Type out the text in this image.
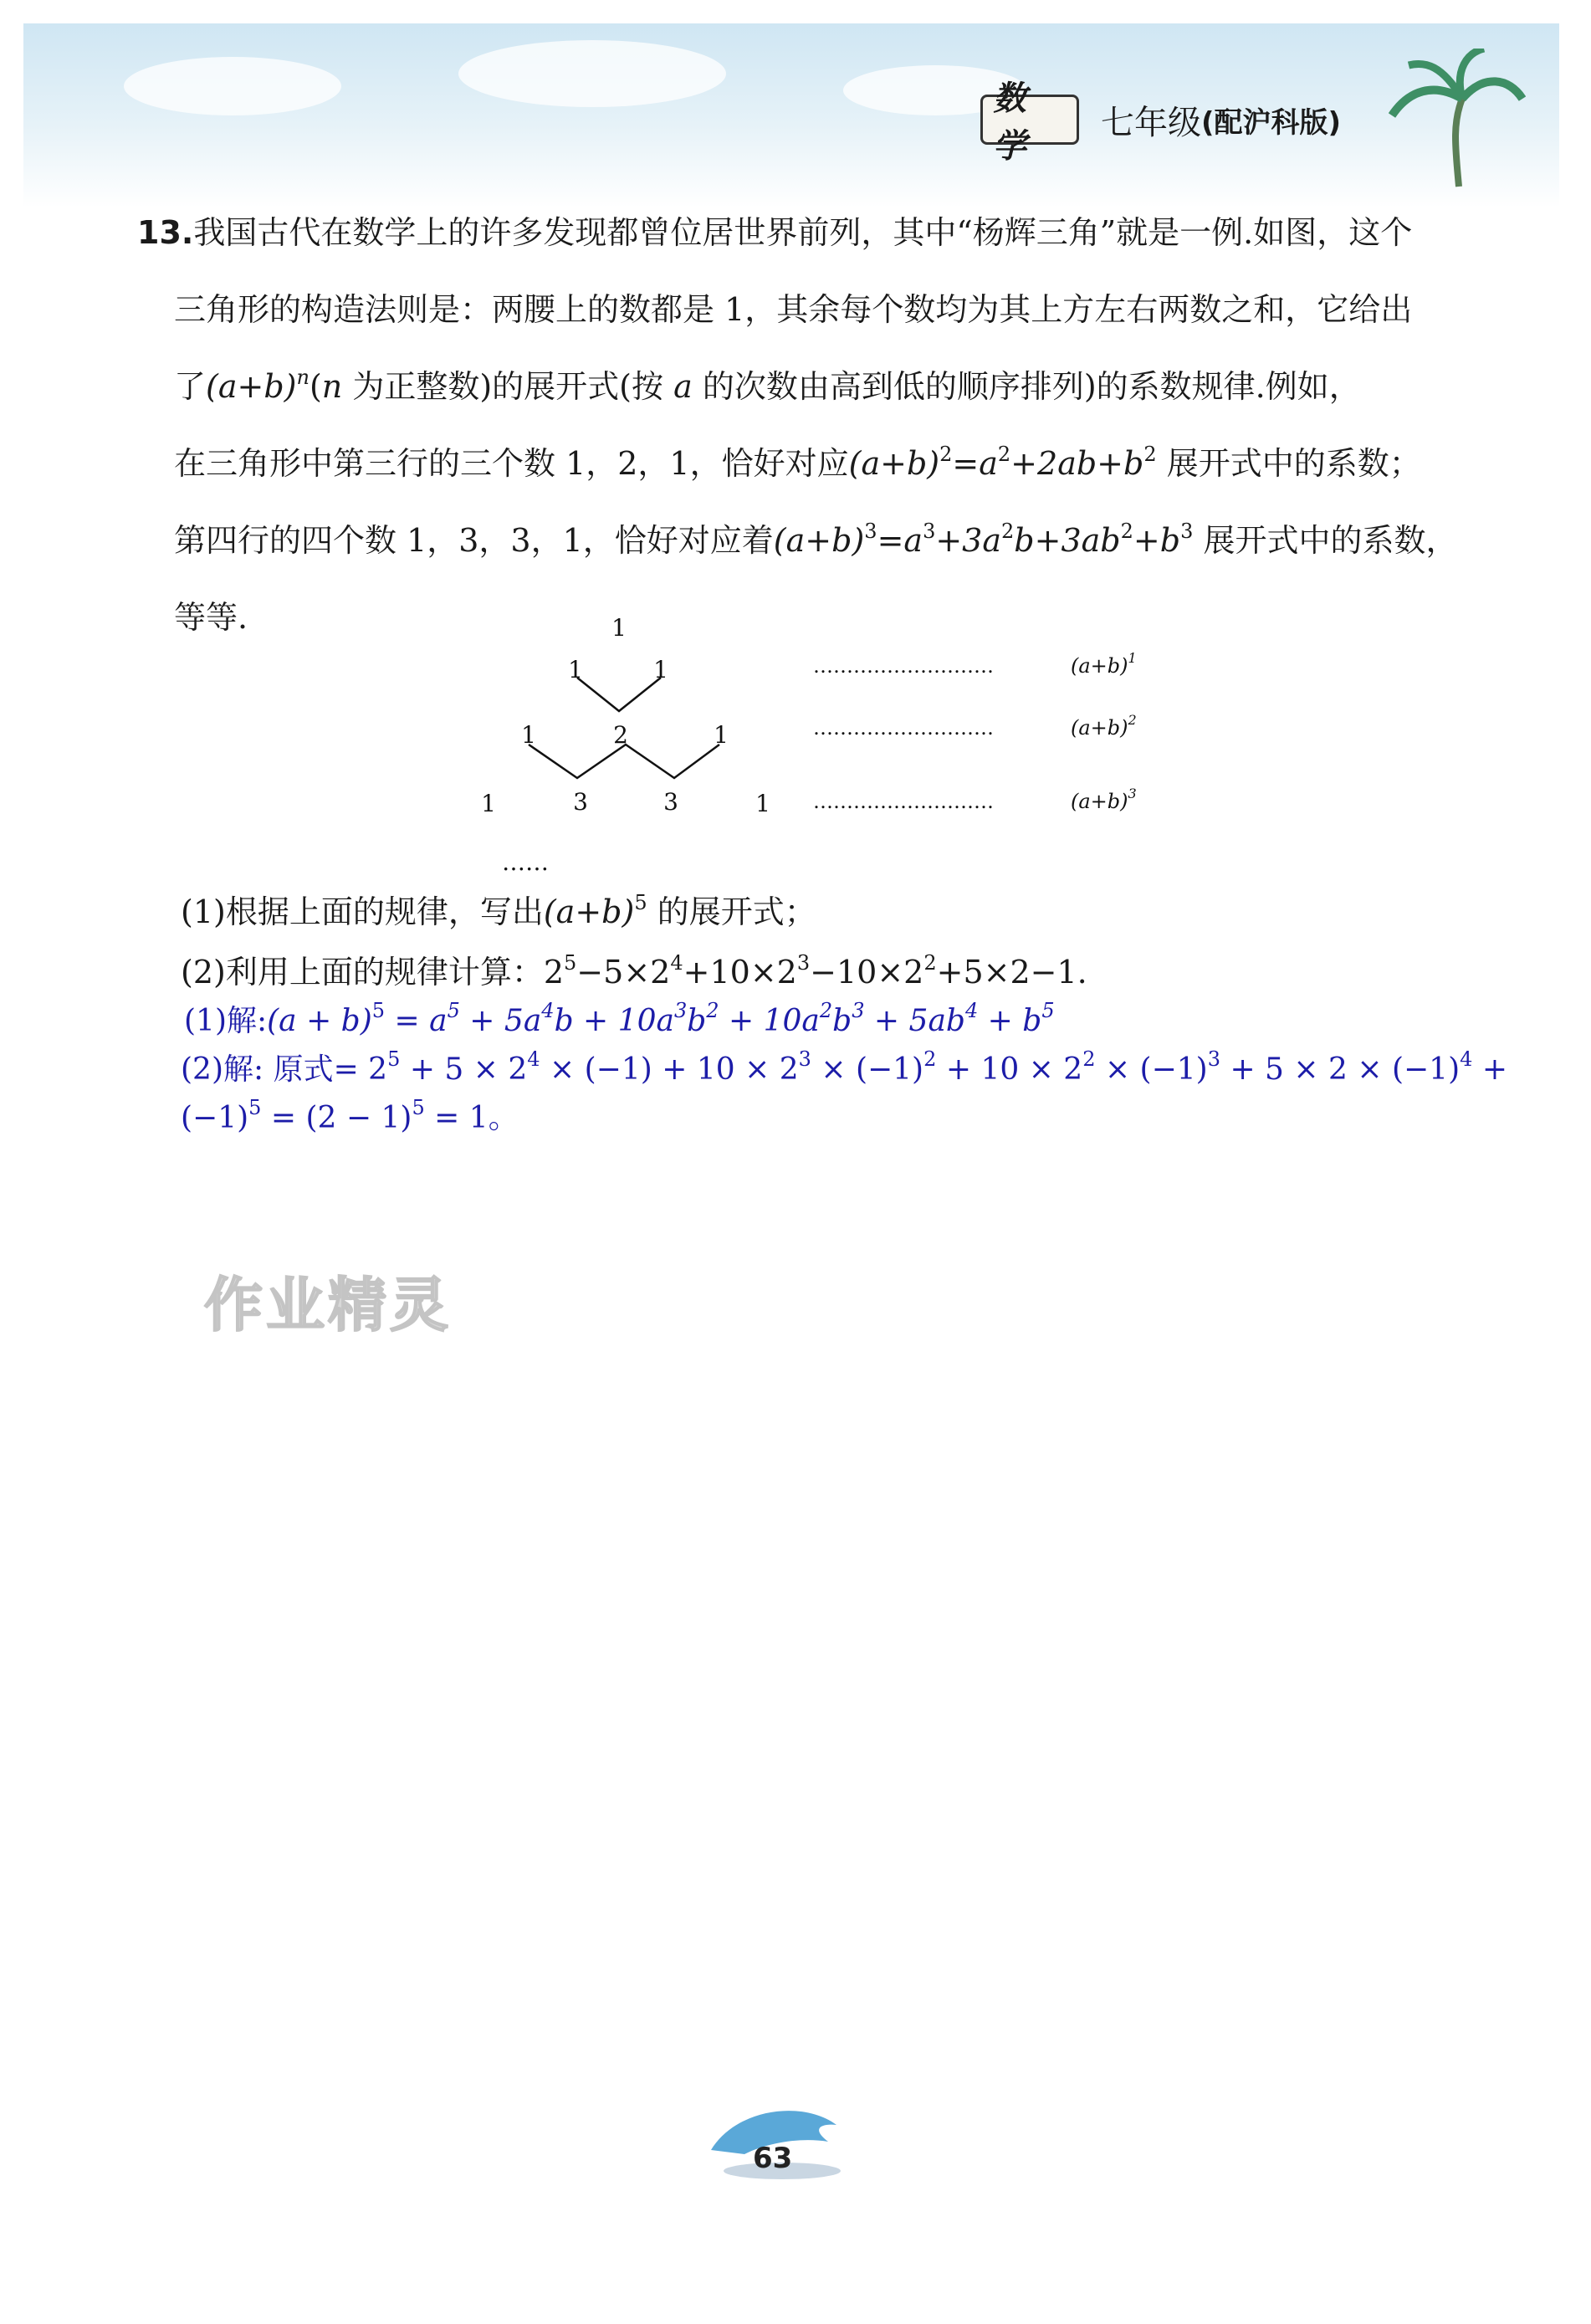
数学
七年级 (配沪科版)
13.我国古代在数学上的许多发现都曾位居世界前列，其中“杨辉三角”就是一例.如图，这个
三角形的构造法则是：两腰上的数都是 1，其余每个数均为其上方左右两数之和，它给出
了$(a+b)^n(n$ 为正整数)的展开式(按 a 的次数由高到低的顺序排列)的系数规律.例如，
在三角形中第三行的三个数 1，2，1，恰好对应$(a+b)^2=a^2+2ab+b^2$ 展开式中的系数；
第四行的四个数 1，3，3，1，恰好对应着$(a+b)^3=a^3+3a^2b+3ab^2+b^3$ 展开式中的系数，
等等.	1
1	1
1	2	1
1	3	3	1
……
………………………	$(a+b)^1$
………………………	$(a+b)^2$
………………………	$(a+b)^3$
(1)根据上面的规律，写出$(a+b)^5$ 的展开式；
(2)利用上面的规律计算：$2^5-5\times 2^4+10\times 2^3-10\times 2^2+5\times 2-1$.
(1)解:(a + $b)^5 = a^5 + 5a^4b + 10a^3b^2 + 10a^2b^3 + 5ab^4 + b^5$
(2)解: 原式= $2^5 + 5 \times 2^4 \times (-1) + 10 \times 2^3 \times (-1)^2 + 10 \times 2^2 \times (-1)^3 + 5 \times 2 \times (-1)^4$ +
$(-1)^5 = (2 - 1)^5 = 1$。
作业精灵
63
